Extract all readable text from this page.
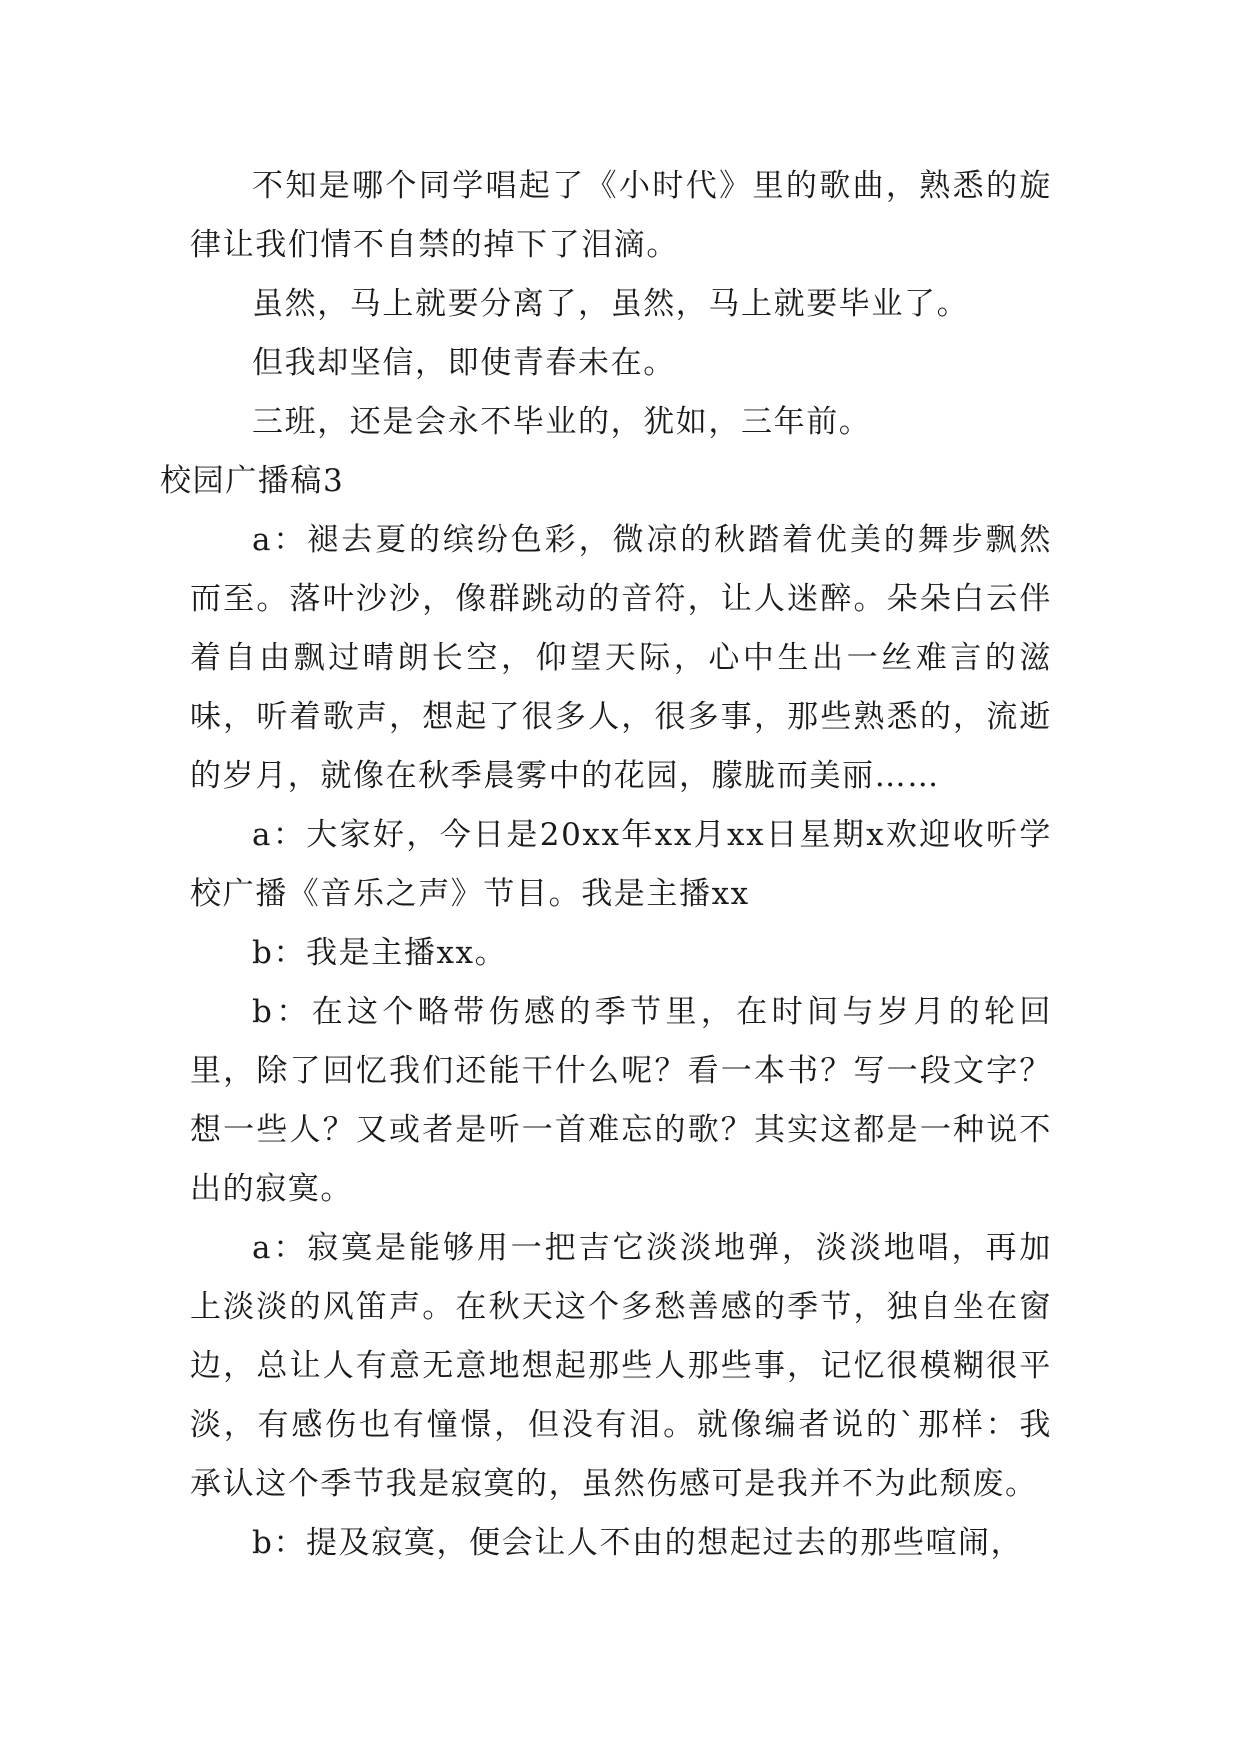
不知是哪个同学唱起了《小时代》里的歌曲，熟悉的旋律让我们情不自禁的掉下了泪滴。

虽然，马上就要分离了，虽然，马上就要毕业了。

但我却坚信，即使青春未在。

三班，还是会永不毕业的，犹如，三年前。

校园广播稿3

a：褪去夏的缤纷色彩，微凉的秋踏着优美的舞步飘然而至。落叶沙沙，像群跳动的音符，让人迷醉。朵朵白云伴着自由飘过晴朗长空，仰望天际，心中生出一丝难言的滋味，听着歌声，想起了很多人，很多事，那些熟悉的，流逝的岁月，就像在秋季晨雾中的花园，朦胧而美丽……

a：大家好，今日是20xx年xx月xx日星期x欢迎收听学校广播《音乐之声》节目。我是主播xx

b：我是主播xx。

b：在这个略带伤感的季节里，在时间与岁月的轮回里，除了回忆我们还能干什么呢？看一本书？写一段文字？想一些人？又或者是听一首难忘的歌？其实这都是一种说不出的寂寞。

a：寂寞是能够用一把吉它淡淡地弹，淡淡地唱，再加上淡淡的风笛声。在秋天这个多愁善感的季节，独自坐在窗边，总让人有意无意地想起那些人那些事，记忆很模糊很平淡，有感伤也有憧憬，但没有泪。就像编者说的`那样：我承认这个季节我是寂寞的，虽然伤感可是我并不为此颓废。

b：提及寂寞，便会让人不由的想起过去的那些喧闹，
